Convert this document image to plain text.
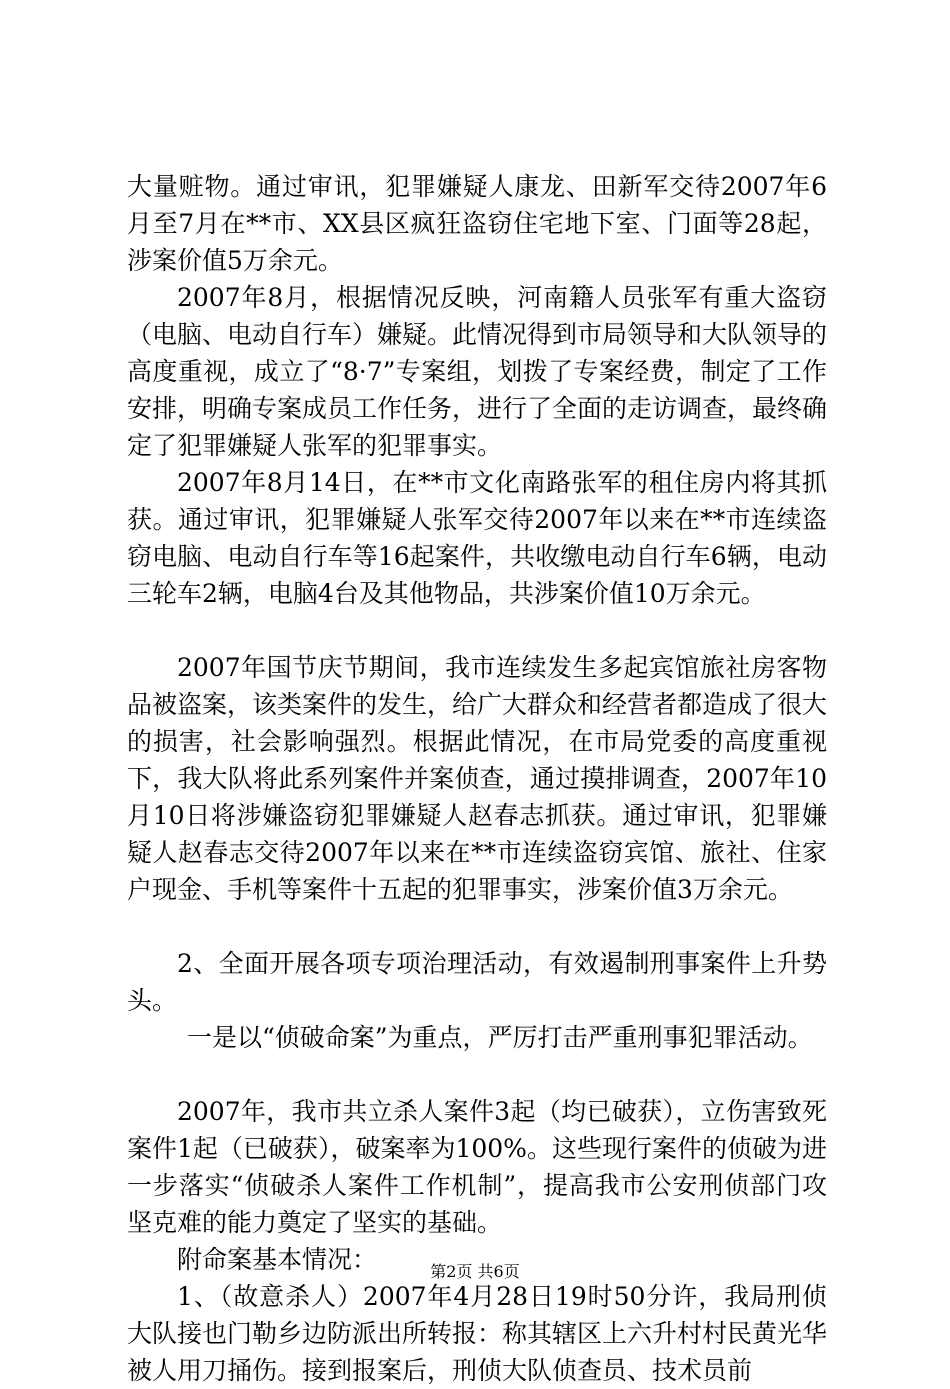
大量赃物。通过审讯，犯罪嫌疑人康龙、田新军交待2007年6月至7月在**市、XX县区疯狂盗窃住宅地下室、门面等28起，涉案价值5万余元。

2007年8月，根据情况反映，河南籍人员张军有重大盗窃（电脑、电动自行车）嫌疑。此情况得到市局领导和大队领导的高度重视，成立了“8·7”专案组，划拨了专案经费，制定了工作安排，明确专案成员工作任务，进行了全面的走访调查，最终确定了犯罪嫌疑人张军的犯罪事实。

2007年8月14日，在**市文化南路张军的租住房内将其抓获。通过审讯，犯罪嫌疑人张军交待2007年以来在**市连续盗窃电脑、电动自行车等16起案件，共收缴电动自行车6辆，电动三轮车2辆，电脑4台及其他物品，共涉案价值10万余元。

2007年国节庆节期间，我市连续发生多起宾馆旅社房客物品被盗案，该类案件的发生，给广大群众和经营者都造成了很大的损害，社会影响强烈。根据此情况，在市局党委的高度重视下，我大队将此系列案件并案侦查，通过摸排调查，2007年10月10日将涉嫌盗窃犯罪嫌疑人赵春志抓获。通过审讯，犯罪嫌疑人赵春志交待2007年以来在**市连续盗窃宾馆、旅社、住家户现金、手机等案件十五起的犯罪事实，涉案价值3万余元。

2、全面开展各项专项治理活动，有效遏制刑事案件上升势头。

一是以“侦破命案”为重点，严厉打击严重刑事犯罪活动。

2007年，我市共立杀人案件3起（均已破获），立伤害致死案件1起（已破获），破案率为100%。这些现行案件的侦破为进一步落实“侦破杀人案件工作机制”，提高我市公安刑侦部门攻坚克难的能力奠定了坚实的基础。

附命案基本情况：

1、（故意杀人）2007年4月28日19时50分许，我局刑侦大队接也门勒乡边防派出所转报：称其辖区上六升村村民黄光华被人用刀捅伤。接到报案后，刑侦大队侦查员、技术员前

第2页 共6页
